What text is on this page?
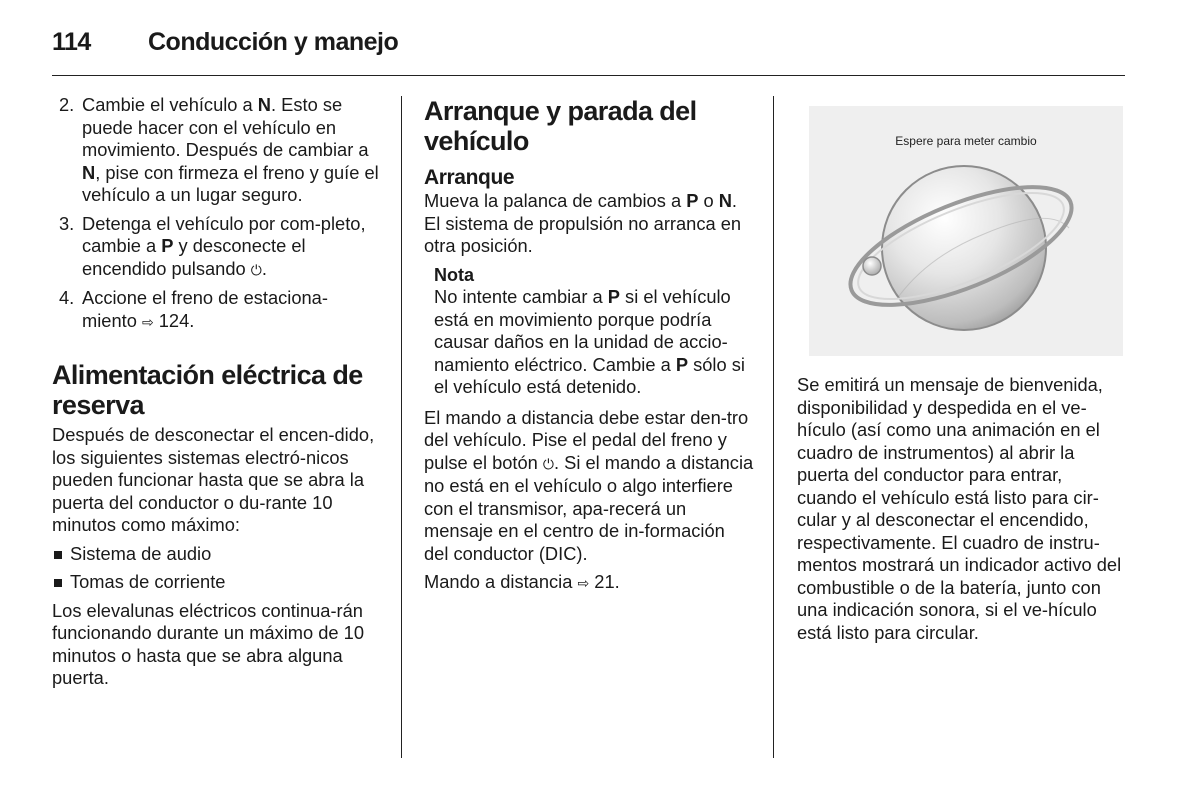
114 Conducción y manejo
2. Cambie el vehículo a N. Esto se puede hacer con el vehículo en movimiento. Después de cambiar a N, pise con firmeza el freno y guíe el vehículo a un lugar seguro.
3. Detenga el vehículo por com-pleto, cambie a P y desconecte el encendido pulsando ⏻.
4. Accione el freno de estaciona-miento ⇨ 124.
Alimentación eléctrica de reserva

Después de desconectar el encen-dido, los siguientes sistemas electró-nicos pueden funcionar hasta que se abra la puerta del conductor o du-rante 10 minutos como máximo:

Sistema de audio
Tomas de corriente

Los elevalunas eléctricos continua-rán funcionando durante un máximo de 10 minutos o hasta que se abra alguna puerta.

Arranque y parada del vehículo
Arranque

Mueva la palanca de cambios a P o N. El sistema de propulsión no arranca en otra posición.

Nota
No intente cambiar a P si el vehículo está en movimiento porque podría causar daños en la unidad de accio-namiento eléctrico. Cambie a P sólo si el vehículo está detenido.

El mando a distancia debe estar den-tro del vehículo. Pise el pedal del freno y pulse el botón ⏻. Si el mando a distancia no está en el vehículo o algo interfiere con el transmisor, apa-recerá un mensaje en el centro de in-formación del conductor (DIC).

Mando a distancia ⇨ 21.

Espere para meter cambio

Se emitirá un mensaje de bienvenida, disponibilidad y despedida en el ve-hículo (así como una animación en el cuadro de instrumentos) al abrir la puerta del conductor para entrar, cuando el vehículo está listo para cir-cular y al desconectar el encendido, respectivamente. El cuadro de instru-mentos mostrará un indicador activo del combustible o de la batería, junto con una indicación sonora, si el ve-hículo está listo para circular.
